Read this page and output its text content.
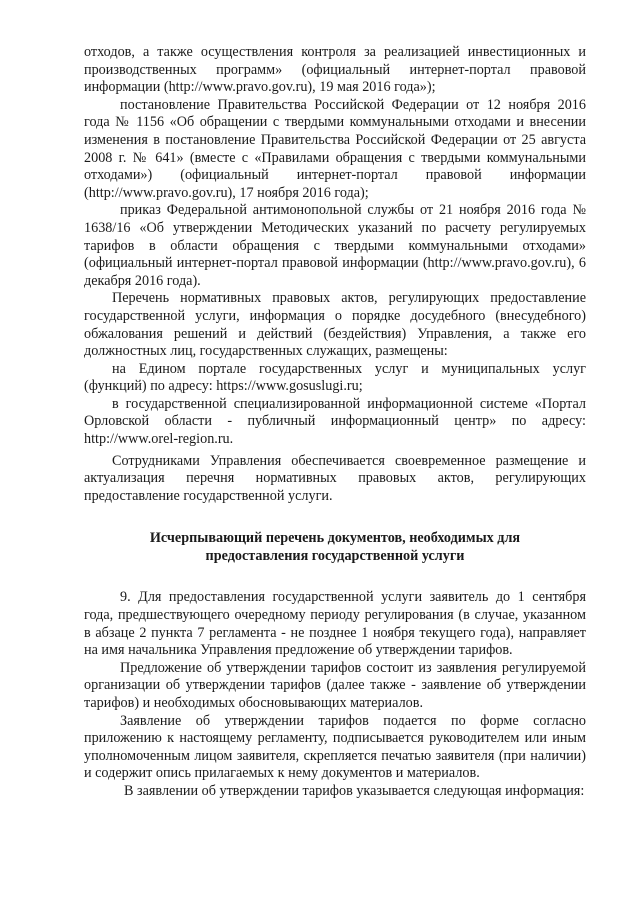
отходов, а также осуществления контроля за реализацией инвестиционных и производственных программ» (официальный интернет-портал правовой информации (http://www.pravo.gov.ru), 19 мая 2016 года»);

постановление Правительства Российской Федерации от 12 ноября 2016 года № 1156 «Об обращении с твердыми коммунальными отходами и внесении изменения в постановление Правительства Российской Федерации от 25 августа 2008 г. № 641» (вместе с «Правилами обращения с твердыми коммунальными отходами») (официальный интернет-портал правовой информации (http://www.pravo.gov.ru), 17 ноября 2016 года);

приказ Федеральной антимонопольной службы от 21 ноября 2016 года № 1638/16 «Об утверждении Методических указаний по расчету регулируемых тарифов в области обращения с твердыми коммунальными отходами» (официальный интернет-портал правовой информации (http://www.pravo.gov.ru), 6 декабря 2016 года).

Перечень нормативных правовых актов, регулирующих предоставление государственной услуги, информация о порядке досудебного (внесудебного) обжалования решений и действий (бездействия) Управления, а также его должностных лиц, государственных служащих, размещены:

на Едином портале государственных услуг и муниципальных услуг (функций) по адресу: https://www.gosuslugi.ru;

в государственной специализированной информационной системе «Портал Орловской области - публичный информационный центр» по адресу: http://www.orel-region.ru.

Сотрудниками Управления обеспечивается своевременное размещение и актуализация перечня нормативных правовых актов, регулирующих предоставление государственной услуги.

Исчерпывающий перечень документов, необходимых для предоставления государственной услуги

9. Для предоставления государственной услуги заявитель до 1 сентября года, предшествующего очередному периоду регулирования (в случае, указанном в абзаце 2 пункта 7 регламента - не позднее 1 ноября текущего года), направляет на имя начальника Управления предложение об утверждении тарифов.

Предложение об утверждении тарифов состоит из заявления регулируемой организации об утверждении тарифов (далее также - заявление об утверждении тарифов) и необходимых обосновывающих материалов.

Заявление об утверждении тарифов подается по форме согласно приложению к настоящему регламенту, подписывается руководителем или иным уполномоченным лицом заявителя, скрепляется печатью заявителя (при наличии) и содержит опись прилагаемых к нему документов и материалов.

В заявлении об утверждении тарифов указывается следующая информация:
